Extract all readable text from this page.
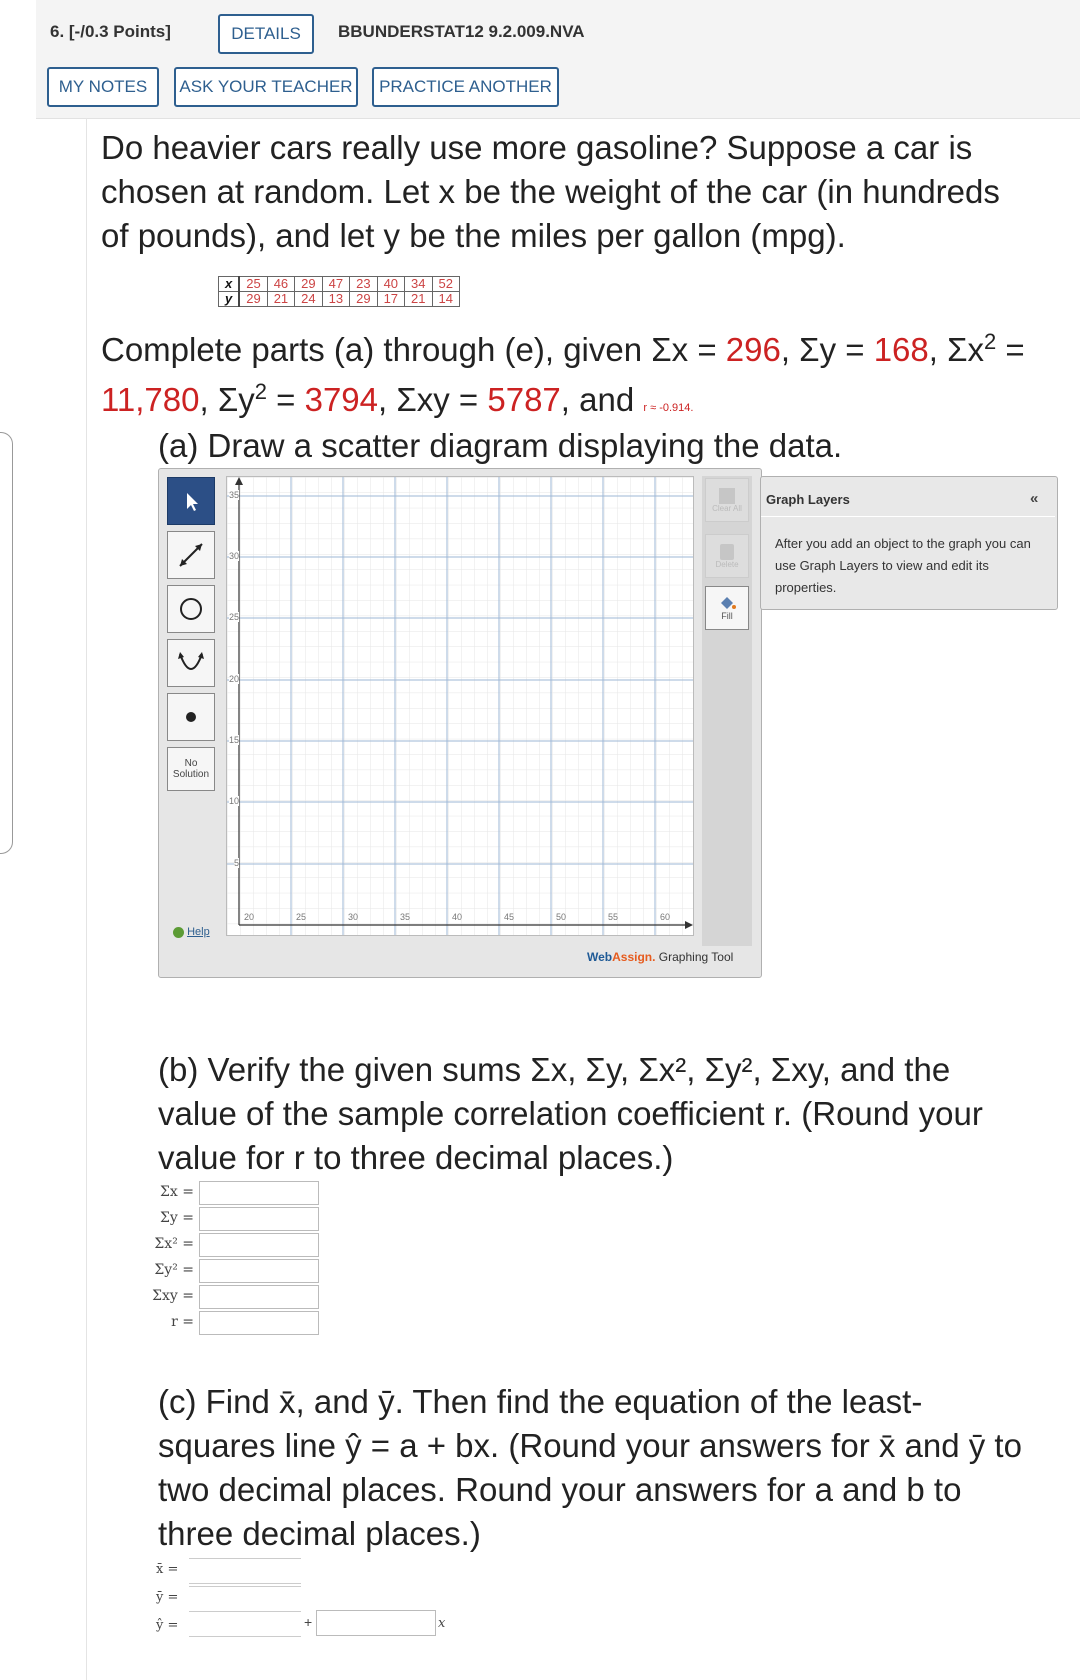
6. [-/0.3 Points]	DETAILS	BBUNDERSTAT12 9.2.009.NVA
MY NOTES	ASK YOUR TEACHER	PRACTICE ANOTHER
Do heavier cars really use more gasoline? Suppose a car is
chosen at random. Let x be the weight of the car (in hundreds
of pounds), and let y be the miles per gallon (mpg).
x	25	46	29	47	23	40	34	52
y	29	21	24	13	29	17	21	14
Complete parts (a) through (e), given Σx = 296, Σy = 168, $\Sigma x^2$ =
11,780, $\Sigma y^2 = 3794$, Σxy = 5787, and r ≈ -0.914.
(a) Draw a scatter diagram displaying the data.
No Solution
Help
Clear All
Delete
Fill
35
30
25
20
15
10
5
20	25	30	35	40	45	50	55	60
WebAssign. Graphing Tool
Graph Layers	«
After you add an object to the graph you can use Graph Layers to view and edit its properties.
(b) Verify the given sums Σx, Σy, Σx², Σy², Σxy, and the
value of the sample correlation coefficient r. (Round your
value for r to three decimal places.)
Σx =
Σy =
Σx² =
Σy² =
Σxy =
r =
(c) Find x̄, and ȳ. Then find the equation of the least-
squares line ŷ = a + bx. (Round your answers for x̄ and ȳ to
two decimal places. Round your answers for a and b to
three decimal places.)
x̄ =
ȳ =
ŷ =	+	x
